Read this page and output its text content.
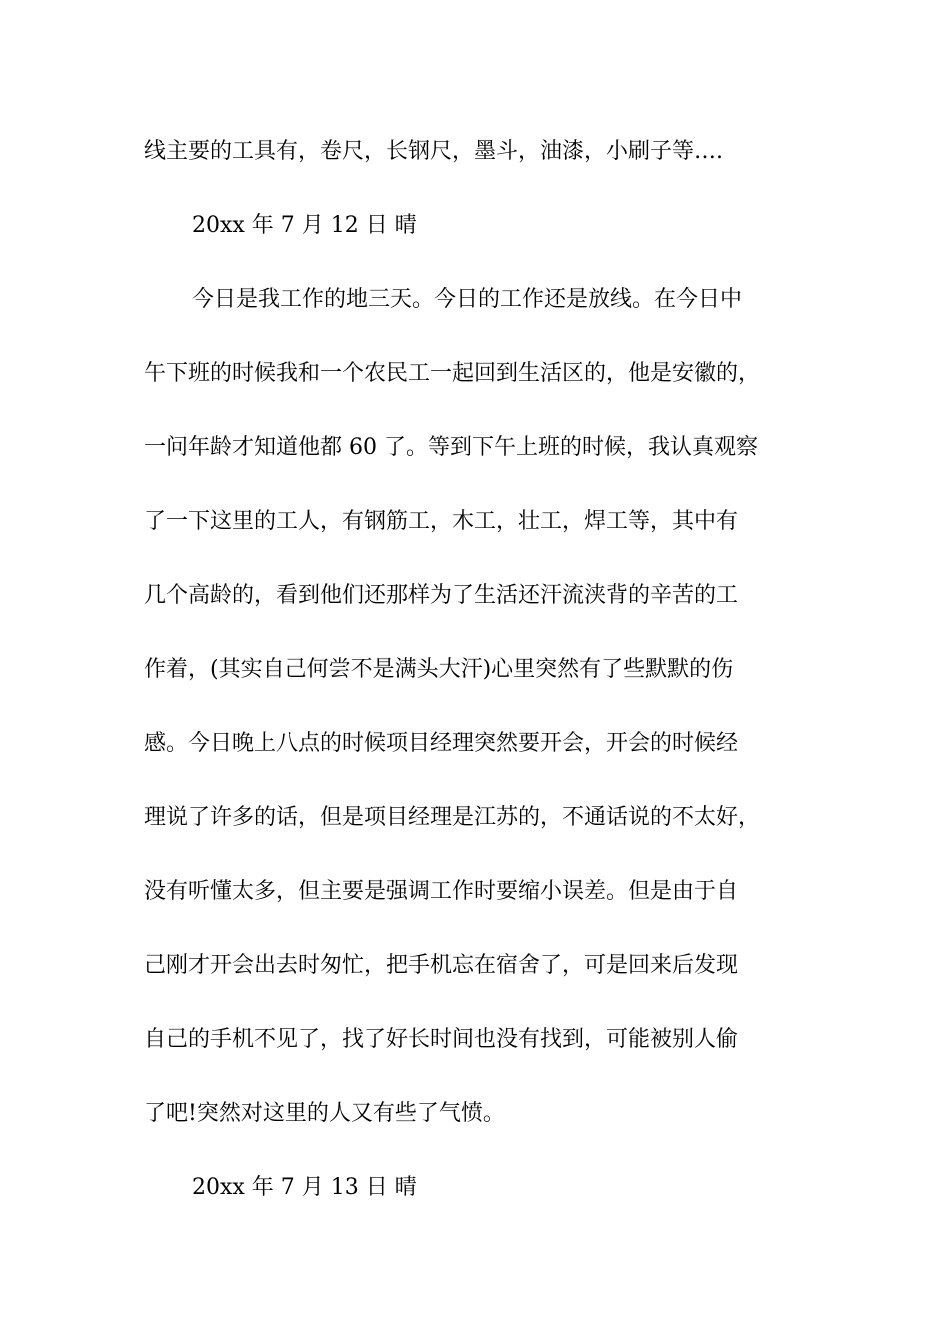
线主要的工具有，卷尺，长钢尺，墨斗，油漆，小刷子等….
20xx 年 7 月 12 日 晴
今日是我工作的地三天。今日的工作还是放线。在今日中
午下班的时候我和一个农民工一起回到生活区的，他是安徽的，
一问年龄才知道他都 60 了。等到下午上班的时候，我认真观察
了一下这里的工人，有钢筋工，木工，壮工，焊工等，其中有
几个高龄的，看到他们还那样为了生活还汗流浃背的辛苦的工
作着，(其实自己何尝不是满头大汗)心里突然有了些默默的伤
感。今日晚上八点的时候项目经理突然要开会，开会的时候经
理说了许多的话，但是项目经理是江苏的，不通话说的不太好，
没有听懂太多，但主要是强调工作时要缩小误差。但是由于自
己刚才开会出去时匆忙，把手机忘在宿舍了，可是回来后发现
自己的手机不见了，找了好长时间也没有找到，可能被别人偷
了吧!突然对这里的人又有些了气愤。
20xx 年 7 月 13 日 晴
